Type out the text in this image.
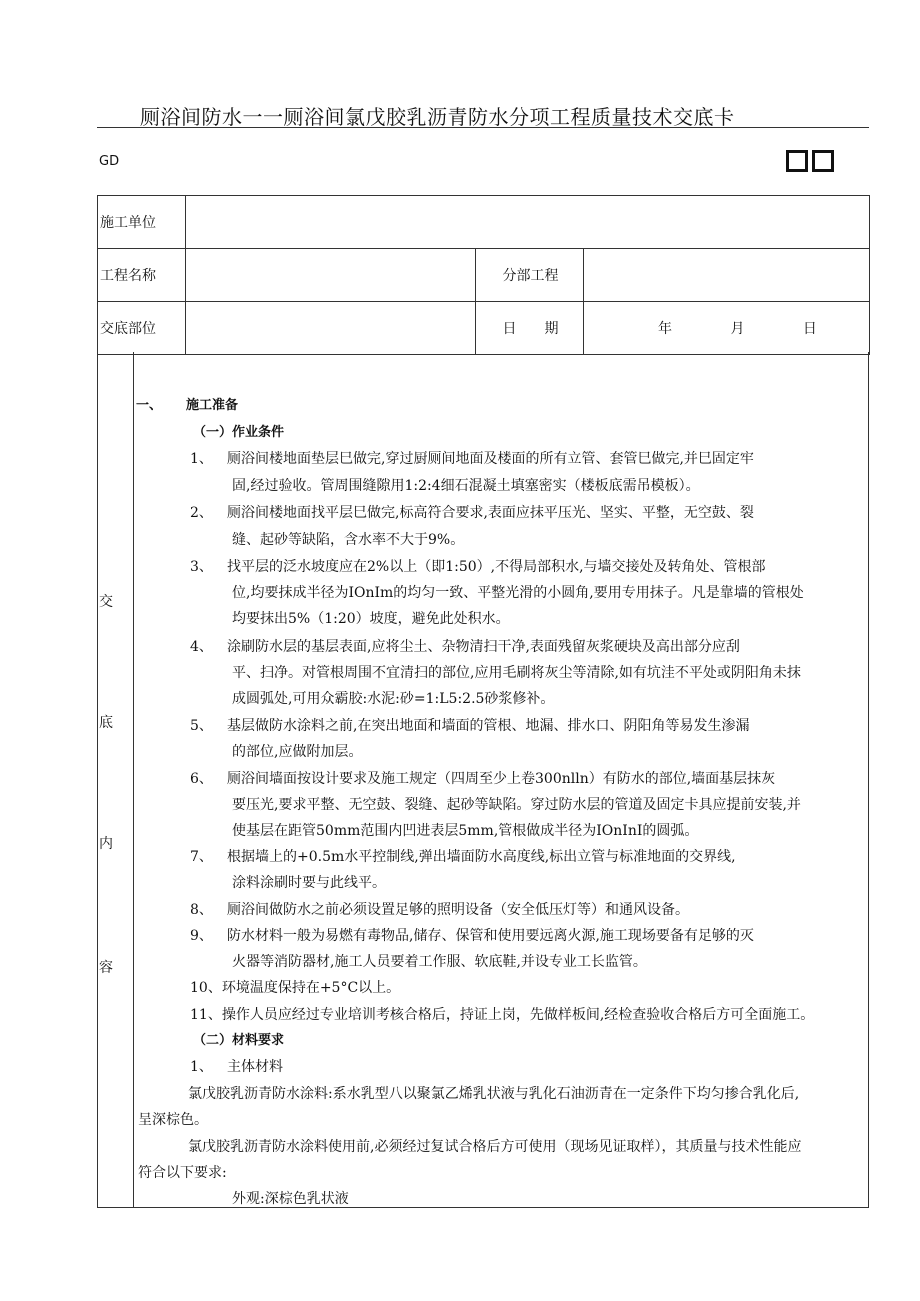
厕浴间防水一一厕浴间氯戊胶乳沥青防水分项工程质量技术交底卡
GD
施工单位			
工程名称		分部工程	
交底部位		日　　期	年 月 日
交
底
内
容
一、 施工准备
（一）作业条件
1、 厕浴间楼地面垫层巳做完,穿过厨厕间地面及楼面的所有立管、套管巳做完,并巳固定牢
固,经过验收。管周围缝隙用1:2:4细石混凝土填塞密实（楼板底需吊模板）。
2、 厕浴间楼地面找平层巳做完,标高符合要求,表面应抹平压光、坚实、平整，无空鼓、裂
缝、起砂等缺陷，含水率不大于9%。
3、 找平层的泛水坡度应在2%以上（即1:50）,不得局部积水,与墙交接处及转角处、管根部
位,均要抹成半径为IOnIm的均匀一致、平整光滑的小圆角,要用专用抹子。凡是靠墙的管根处
均要抹出5%（1:20）坡度，避免此处积水。
4、 涂刷防水层的基层表面,应将尘土、杂物清扫干净,表面残留灰浆硬块及高出部分应刮
平、扫净。对管根周围不宜清扫的部位,应用毛刷将灰尘等清除,如有坑洼不平处或阴阳角未抹
成圆弧处,可用众霸胶:水泥:砂=1:L5:2.5砂浆修补。
5、 基层做防水涂料之前,在突出地面和墙面的管根、地漏、排水口、阴阳角等易发生渗漏
的部位,应做附加层。
6、 厕浴间墙面按设计要求及施工规定（四周至少上卷300nlln）有防水的部位,墙面基层抹灰
要压光,要求平整、无空鼓、裂缝、起砂等缺陷。穿过防水层的管道及固定卡具应提前安装,并
使基层在距管50mm范围内凹进表层5mm,管根做成半径为IOnInI的圆弧。
7、 根据墙上的+0.5m水平控制线,弹出墙面防水高度线,标出立管与标准地面的交界线,
涂料涂刷时要与此线平。
8、 厕浴间做防水之前必须设置足够的照明设备（安全低压灯等）和通风设备。
9、 防水材料一般为易燃有毒物品,储存、保管和使用要远离火源,施工现场要备有足够的灭
火器等消防器材,施工人员要着工作服、软底鞋,并设专业工长监管。
10、环境温度保持在+5°C以上。
11、操作人员应经过专业培训考核合格后，持证上岗，先做样板间,经检查验收合格后方可全面施工。
（二）材料要求
1、 主体材料
氯戊胶乳沥青防水涂料:系水乳型八以聚氯乙烯乳状液与乳化石油沥青在一定条件下均匀掺合乳化后,
呈深棕色。
氯戊胶乳沥青防水涂料使用前,必须经过复试合格后方可使用（现场见证取样），其质量与技术性能应
符合以下要求:
外观:深棕色乳状液
